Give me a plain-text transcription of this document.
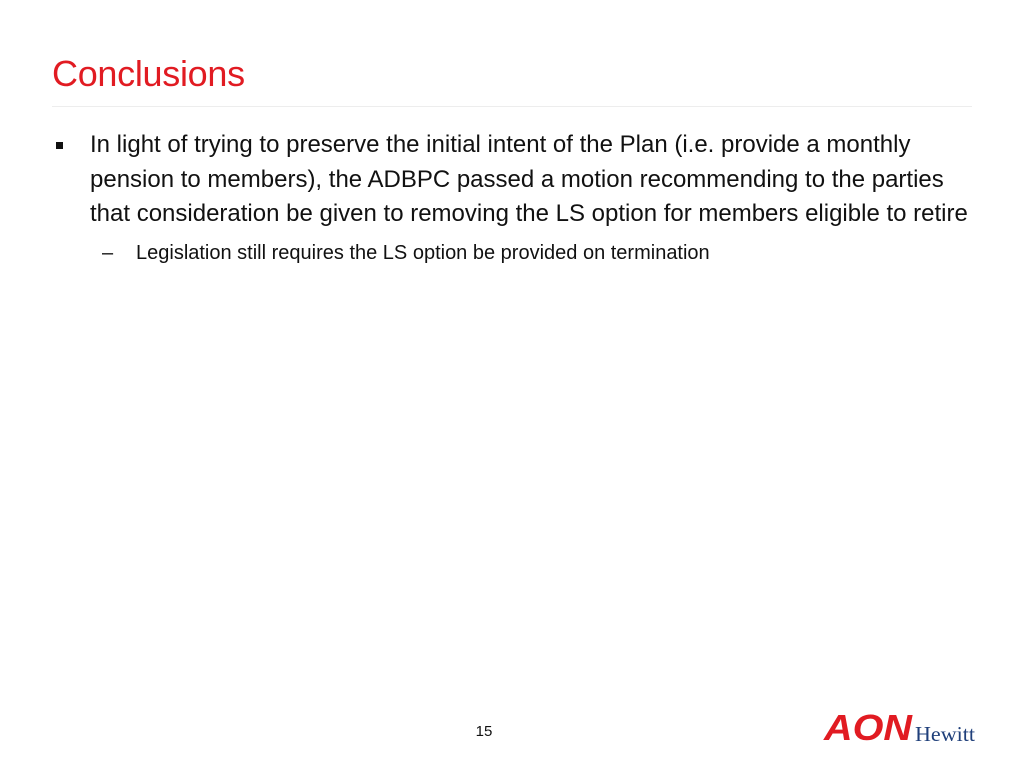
Conclusions
In light of trying to preserve the initial intent of the Plan (i.e. provide a monthly pension to members), the ADBPC passed a motion recommending to the parties that consideration be given to removing the LS option for members eligible to retire
– Legislation still requires the LS option be provided on termination
15	AON Hewitt
